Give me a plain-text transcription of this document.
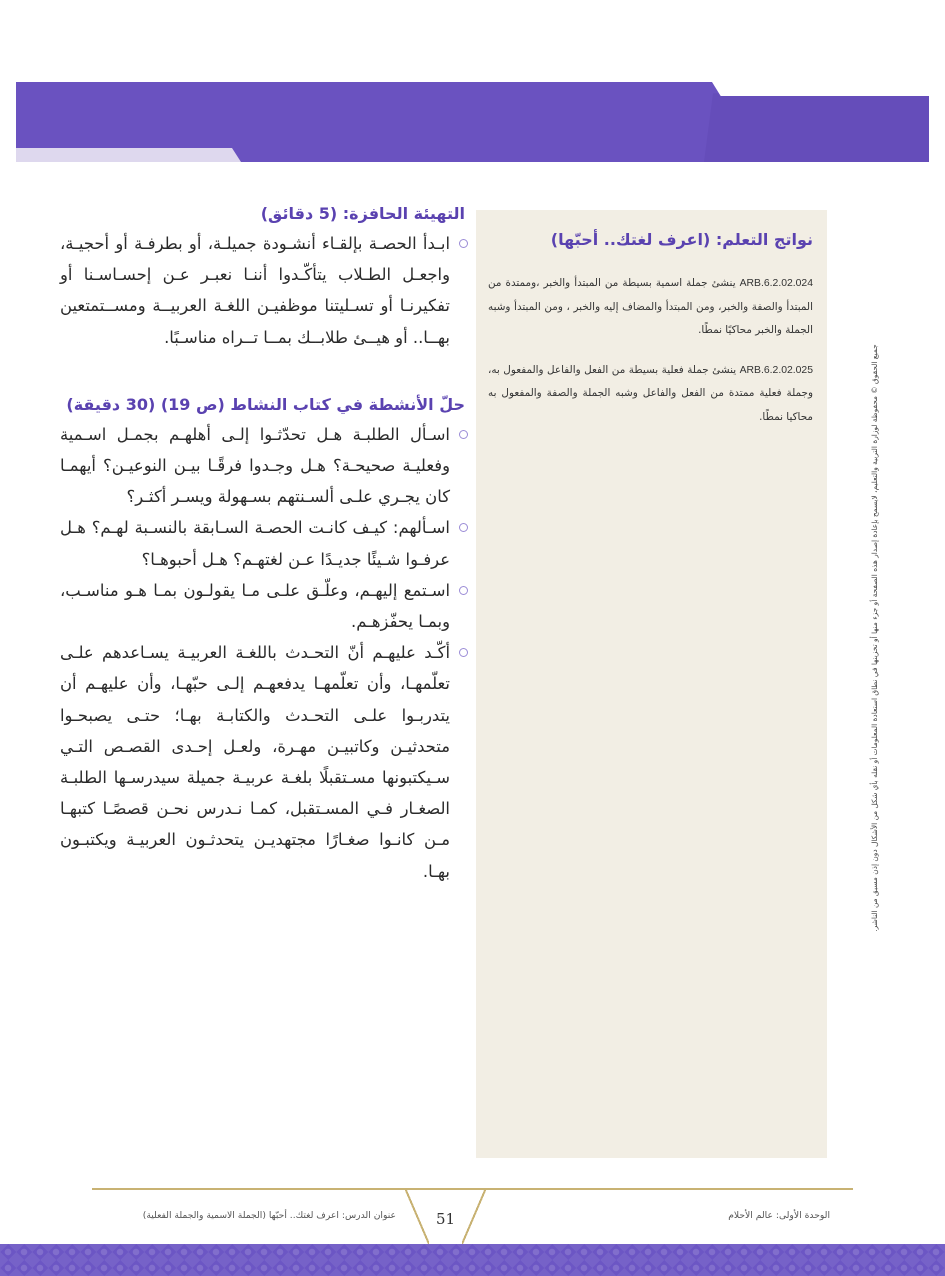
التهيئة الحافزة: (5 دقائق)
ابـدأ الحصـة بإلقـاء أنشـودة جميلـة، أو بطرفـة أو أحجيـة، واجعـل الطـلاب يتأكّـدوا أننـا نعبـر عـن إحسـاسـنا أو تفكيرنـا أو تسـليتنا موظفيـن اللغـة العربيــة ومســتمتعين بهــا.. أو هيــئ طلابــك بمــا تــراه مناسـبًا.
حلّ الأنشطة في كتاب النشاط (ص 19) (30 دقيقة)
اسـأل الطلبـة هـل تحدّثـوا إلـى أهلهـم بجمـل اسـمية وفعليـة صحيحـة؟ هـل وجـدوا فرقًـا بيـن النوعيـن؟ أيهمـا كان يجـري علـى ألسـنتهم بسـهولة ويسـر أكثـر؟
اسـألهم: كيـف كانـت الحصـة السـابقة بالنسـبة لهـم؟ هـل عرفـوا شـيئًا جديـدًا عـن لغتهـم؟ هـل أحبوهـا؟
اسـتمع إليهـم، وعلّـق علـى مـا يقولـون بمـا هـو مناسـب، وبمـا يحفّزهـم.
أكّـد عليهـم أنّ التحـدث باللغـة العربيـة يسـاعدهم علـى تعلّمهـا، وأن تعلّمهـا يدفعهـم إلـى حبّهـا، وأن عليهـم أن يتدربـوا علـى التحـدث والكتابـة بهـا؛ حتـى يصبحـوا متحدثيـن وكاتبيـن مهـرة، ولعـل إحـدى القصـص التـي سـيكتبونها مسـتقبلًا بلغـة عربيـة جميلة سيدرسـها الطلبـة الصغـار فـي المسـتقبل، كمـا نـدرس نحـن قصصًـا كتبهـا مـن كانـوا صغـارًا مجتهديـن يتحدثـون العربيـة ويكتبـون بهـا.
نواتج التعلم: (اعرف لغتك.. أحبّها)

ARB.6.2.02.024 ينشئ جملة اسمية بسيطة من المبتدأ والخبر ،وممتدة من المبتدأ والصفة والخبر، ومن المبتدأ والمضاف إليه والخبر ، ومن المبتدأ وشبه الجملة والخبر محاكيًا نمطًا.

ARB.6.2.02.025 ينشئ جملة فعلية بسيطة من الفعل والفاعل والمفعول به، وجملة فعلية ممتدة من الفعل والفاعل وشبه الجملة والصفة والمفعول به محاكيا نمطًا.	جميع الحقوق © محفوظة لوزارة التربية والتعليم، لايسمح بإعادة إصدار هذه الصفحة أو جزء منها أو تخزينها في نطاق استعادة المعلومات أو نقله بأي شكل من الأشكال دون إذن مسبق من الناشر.
51
عنوان الدرس: اعرف لغتك.. أحبّها (الجملة الاسمية والجملة الفعلية)	الوحدة الأولى: عالم الأحلام
